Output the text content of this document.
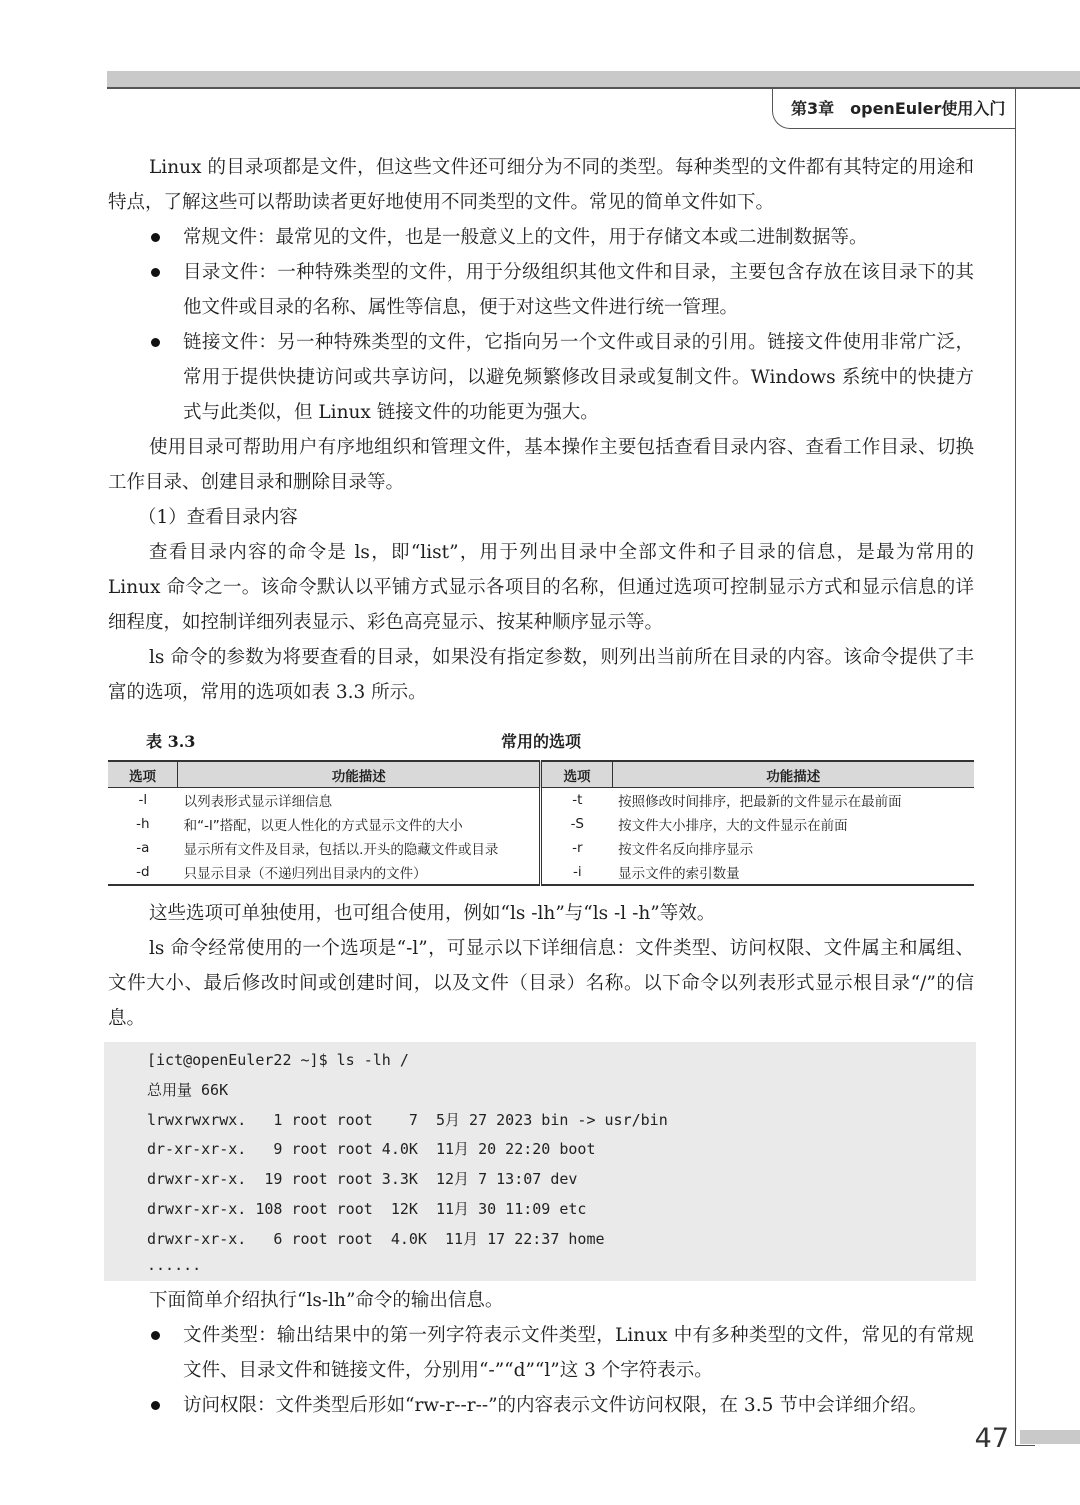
第3章　openEuler使用入门

Linux 的目录项都是文件，但这些文件还可细分为不同的类型。每种类型的文件都有其特定的用途和特点，了解这些可以帮助读者更好地使用不同类型的文件。常见的简单文件如下。

常规文件：最常见的文件，也是一般意义上的文件，用于存储文本或二进制数据等。
目录文件：一种特殊类型的文件，用于分级组织其他文件和目录，主要包含存放在该目录下的其他文件或目录的名称、属性等信息，便于对这些文件进行统一管理。
链接文件：另一种特殊类型的文件，它指向另一个文件或目录的引用。链接文件使用非常广泛，常用于提供快捷访问或共享访问，以避免频繁修改目录或复制文件。Windows 系统中的快捷方式与此类似，但 Linux 链接文件的功能更为强大。

使用目录可帮助用户有序地组织和管理文件，基本操作主要包括查看目录内容、查看工作目录、切换工作目录、创建目录和删除目录等。

（1）查看目录内容

查看目录内容的命令是 ls，即“list”，用于列出目录中全部文件和子目录的信息，是最为常用的 Linux 命令之一。该命令默认以平铺方式显示各项目的名称，但通过选项可控制显示方式和显示信息的详细程度，如控制详细列表显示、彩色高亮显示、按某种顺序显示等。

ls 命令的参数为将要查看的目录，如果没有指定参数，则列出当前所在目录的内容。该命令提供了丰富的选项，常用的选项如表 3.3 所示。

表 3.3	常用的选项
选项	功能描述	选项	功能描述
-l	以列表形式显示详细信息	-t	按照修改时间排序，把最新的文件显示在最前面
-h	和“-l”搭配，以更人性化的方式显示文件的大小	-S	按文件大小排序，大的文件显示在前面
-a	显示所有文件及目录，包括以.开头的隐藏文件或目录	-r	按文件名反向排序显示
-d	只显示目录（不递归列出目录内的文件）	-i	显示文件的索引数量

这些选项可单独使用，也可组合使用，例如“ls -lh”与“ls -l -h”等效。

ls 命令经常使用的一个选项是“-l”，可显示以下详细信息：文件类型、访问权限、文件属主和属组、文件大小、最后修改时间或创建时间，以及文件（目录）名称。以下命令以列表形式显示根目录“/”的信息。

[ict@openEuler22 ~]$ ls -lh /
总用量 66K
lrwxrwxrwx.   1 root root    7  5月 27 2023 bin -> usr/bin
dr-xr-xr-x.   9 root root 4.0K  11月 20 22:20 boot
drwxr-xr-x.  19 root root 3.3K  12月 7 13:07 dev
drwxr-xr-x. 108 root root  12K  11月 30 11:09 etc
drwxr-xr-x.   6 root root  4.0K  11月 17 22:37 home
......

下面简单介绍执行“ls-lh”命令的输出信息。

文件类型：输出结果中的第一列字符表示文件类型，Linux 中有多种类型的文件，常见的有常规文件、目录文件和链接文件，分别用“-”“d”“l”这 3 个字符表示。
访问权限：文件类型后形如“rw-r--r--”的内容表示文件访问权限，在 3.5 节中会详细介绍。
47
